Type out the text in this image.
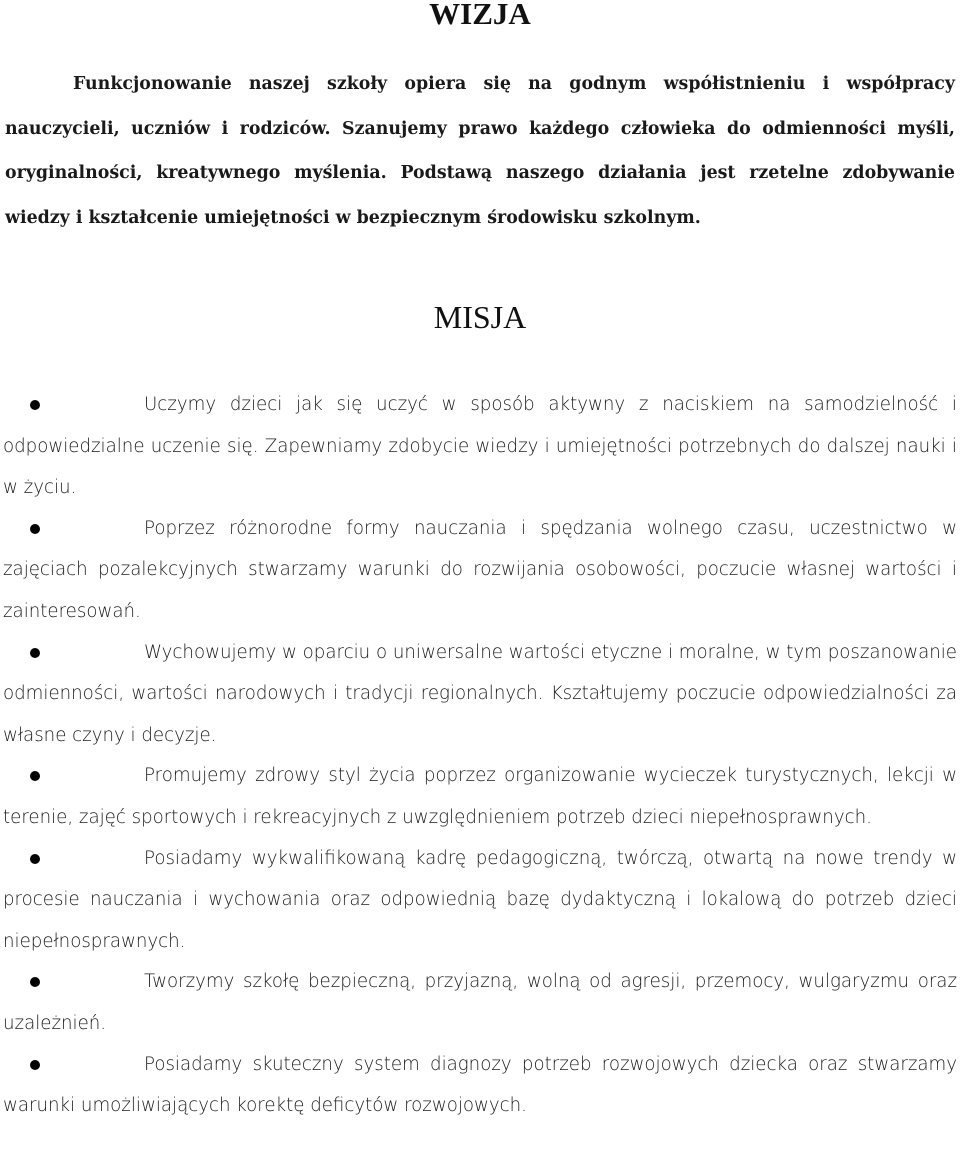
WIZJA

Funkcjonowanie naszej szkoły opiera się na godnym współistnieniu i współpracy nauczycieli, uczniów i rodziców. Szanujemy prawo każdego człowieka do odmienności myśli, oryginalności, kreatywnego myślenia. Podstawą naszego działania jest rzetelne zdobywanie wiedzy i kształcenie umiejętności w bezpiecznym środowisku szkolnym.

MISJA
Uczymy dzieci jak się uczyć w sposób aktywny z naciskiem na samodzielność i odpowiedzialne uczenie się. Zapewniamy zdobycie wiedzy i umiejętności potrzebnych do dalszej nauki i w życiu.
Poprzez różnorodne formy nauczania i spędzania wolnego czasu, uczestnictwo w zajęciach pozalekcyjnych stwarzamy warunki do rozwijania osobowości, poczucie własnej wartości i zainteresowań.
Wychowujemy w oparciu o uniwersalne wartości etyczne i moralne, w tym poszanowanie odmienności, wartości narodowych i tradycji regionalnych. Kształtujemy poczucie odpowiedzialności za własne czyny i decyzje.
Promujemy zdrowy styl życia poprzez organizowanie wycieczek turystycznych, lekcji w terenie, zajęć sportowych i rekreacyjnych z uwzględnieniem potrzeb dzieci niepełnosprawnych.
Posiadamy wykwalifikowaną kadrę pedagogiczną, twórczą, otwartą na nowe trendy w procesie nauczania i wychowania oraz odpowiednią bazę dydaktyczną i lokalową do potrzeb dzieci niepełnosprawnych.
Tworzymy szkołę bezpieczną, przyjazną, wolną od agresji, przemocy, wulgaryzmu oraz uzależnień.
Posiadamy skuteczny system diagnozy potrzeb rozwojowych dziecka oraz stwarzamy warunki umożliwiających korektę deficytów rozwojowych.
